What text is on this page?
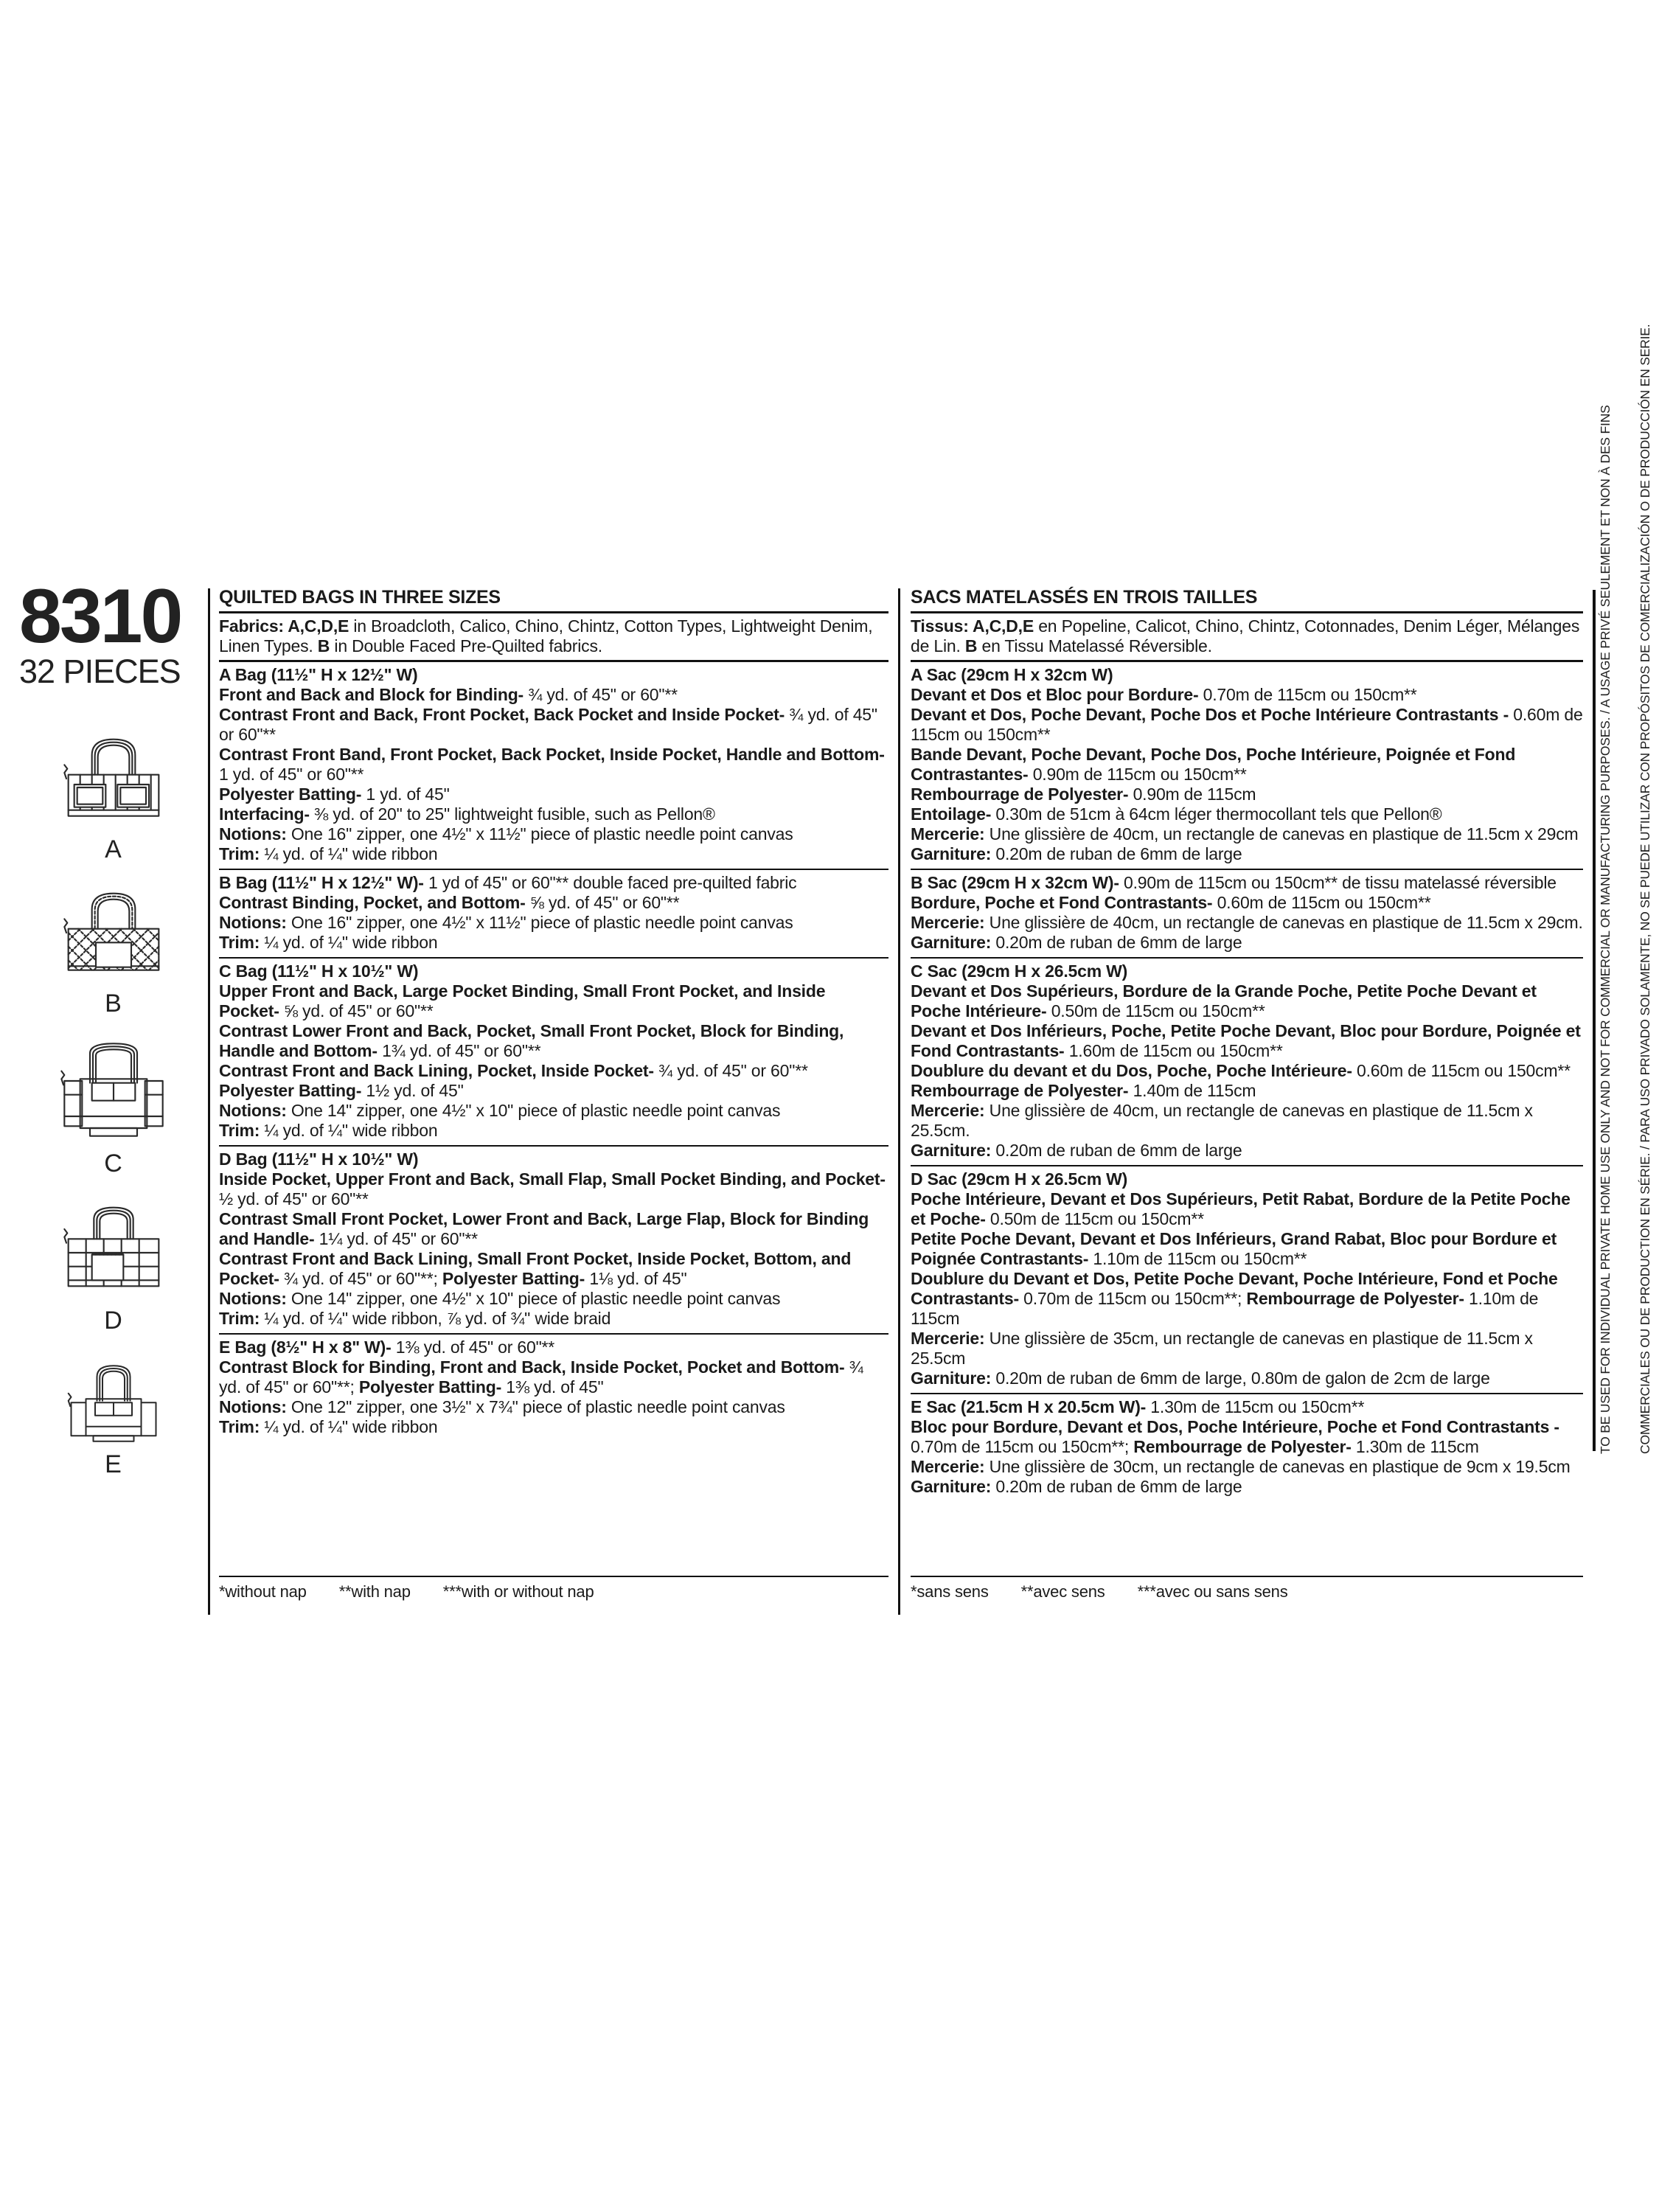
8310
32 PIECES
A
B
C
D
E
QUILTED BAGS IN THREE SIZES

Fabrics: A,C,D,E in Broadcloth, Calico, Chino, Chintz, Cotton Types, Lightweight Denim, Linen Types. B in Double Faced Pre-Quilted fabrics.

A Bag (11½" H x 12½" W)

Front and Back and Block for Binding- ¾ yd. of 45" or 60"**

Contrast Front and Back, Front Pocket, Back Pocket and Inside Pocket- ¾ yd. of 45" or 60"**

Contrast Front Band, Front Pocket, Back Pocket, Inside Pocket, Handle and Bottom- 1 yd. of 45" or 60"**

Polyester Batting- 1 yd. of 45"

Interfacing- ⅜ yd. of 20" to 25" lightweight fusible, such as Pellon®

Notions: One 16" zipper, one 4½" x 11½" piece of plastic needle point canvas

Trim: ¼ yd. of ¼" wide ribbon

B Bag (11½" H x 12½" W)- 1 yd of 45" or 60"** double faced pre-quilted fabric

Contrast Binding, Pocket, and Bottom- ⅝ yd. of 45" or 60"**

Notions: One 16" zipper, one 4½" x 11½" piece of plastic needle point canvas

Trim: ¼ yd. of ¼" wide ribbon

C Bag (11½" H x 10½" W)

Upper Front and Back, Large Pocket Binding, Small Front Pocket, and Inside Pocket- ⅝ yd. of 45" or 60"**

Contrast Lower Front and Back, Pocket, Small Front Pocket, Block for Binding, Handle and Bottom- 1¾ yd. of 45" or 60"**

Contrast Front and Back Lining, Pocket, Inside Pocket- ¾ yd. of 45" or 60"**

Polyester Batting- 1½ yd. of 45"

Notions: One 14" zipper, one 4½" x 10" piece of plastic needle point canvas

Trim: ¼ yd. of ¼" wide ribbon

D Bag (11½" H x 10½" W)

Inside Pocket, Upper Front and Back, Small Flap, Small Pocket Binding, and Pocket- ½ yd. of 45" or 60"**

Contrast Small Front Pocket, Lower Front and Back, Large Flap, Block for Binding and Handle- 1¼ yd. of 45" or 60"**

Contrast Front and Back Lining, Small Front Pocket, Inside Pocket, Bottom, and Pocket- ¾ yd. of 45" or 60"**; Polyester Batting- 1⅛ yd. of 45"

Notions: One 14" zipper, one 4½" x 10" piece of plastic needle point canvas

Trim: ¼ yd. of ¼" wide ribbon, ⅞ yd. of ¾" wide braid

E Bag (8½" H x 8" W)- 1⅜ yd. of 45" or 60"**

Contrast Block for Binding, Front and Back, Inside Pocket, Pocket and Bottom- ¾ yd. of 45" or 60"**; Polyester Batting- 1⅜ yd. of 45"

Notions: One 12" zipper, one 3½" x 7¾" piece of plastic needle point canvas

Trim: ¼ yd. of ¼" wide ribbon

*without nap **with nap ***with or without nap
SACS MATELASSÉS EN TROIS TAILLES

Tissus: A,C,D,E en Popeline, Calicot, Chino, Chintz, Cotonnades, Denim Léger, Mélanges de Lin. B en Tissu Matelassé Réversible.

A Sac (29cm H x 32cm W)

Devant et Dos et Bloc pour Bordure- 0.70m de 115cm ou 150cm**

Devant et Dos, Poche Devant, Poche Dos et Poche Intérieure Contrastants - 0.60m de 115cm ou 150cm**

Bande Devant, Poche Devant, Poche Dos, Poche Intérieure, Poignée et Fond Contrastantes- 0.90m de 115cm ou 150cm**

Rembourrage de Polyester- 0.90m de 115cm

Entoilage- 0.30m de 51cm à 64cm léger thermocollant tels que Pellon®

Mercerie: Une glissière de 40cm, un rectangle de canevas en plastique de 11.5cm x 29cm

Garniture: 0.20m de ruban de 6mm de large

B Sac (29cm H x 32cm W)- 0.90m de 115cm ou 150cm** de tissu matelassé réversible

Bordure, Poche et Fond Contrastants- 0.60m de 115cm ou 150cm**

Mercerie: Une glissière de 40cm, un rectangle de canevas en plastique de 11.5cm x 29cm.

Garniture: 0.20m de ruban de 6mm de large

C Sac (29cm H x 26.5cm W)

Devant et Dos Supérieurs, Bordure de la Grande Poche, Petite Poche Devant et Poche Intérieure- 0.50m de 115cm ou 150cm**

Devant et Dos Inférieurs, Poche, Petite Poche Devant, Bloc pour Bordure, Poignée et Fond Contrastants- 1.60m de 115cm ou 150cm**

Doublure du devant et du Dos, Poche, Poche Intérieure- 0.60m de 115cm ou 150cm**

Rembourrage de Polyester- 1.40m de 115cm

Mercerie: Une glissière de 40cm, un rectangle de canevas en plastique de 11.5cm x 25.5cm.

Garniture: 0.20m de ruban de 6mm de large

D Sac (29cm H x 26.5cm W)

Poche Intérieure, Devant et Dos Supérieurs, Petit Rabat, Bordure de la Petite Poche et Poche- 0.50m de 115cm ou 150cm**

Petite Poche Devant, Devant et Dos Inférieurs, Grand Rabat, Bloc pour Bordure et Poignée Contrastants- 1.10m de 115cm ou 150cm**

Doublure du Devant et Dos, Petite Poche Devant, Poche Intérieure, Fond et Poche Contrastants- 0.70m de 115cm ou 150cm**; Rembourrage de Polyester- 1.10m de 115cm

Mercerie: Une glissière de 35cm, un rectangle de canevas en plastique de 11.5cm x 25.5cm

Garniture: 0.20m de ruban de 6mm de large, 0.80m de galon de 2cm de large

E Sac (21.5cm H x 20.5cm W)- 1.30m de 115cm ou 150cm**

Bloc pour Bordure, Devant et Dos, Poche Intérieure, Poche et Fond Contrastants - 0.70m de 115cm ou 150cm**; Rembourrage de Polyester- 1.30m de 115cm

Mercerie: Une glissière de 30cm, un rectangle de canevas en plastique de 9cm x 19.5cm

Garniture: 0.20m de ruban de 6mm de large

*sans sens **avec sens ***avec ou sans sens
TO BE USED FOR INDIVIDUAL PRIVATE HOME USE ONLY AND NOT FOR COMMERCIAL OR MANUFACTURING PURPOSES. / A USAGE PRIVÉ SEULEMENT ET NON À DES FINS COMMERCIALES OU DE PRODUCTION EN SÉRIE. / PARA USO PRIVADO SOLAMENTE, NO SE PUEDE UTILIZAR CON PROPÓSITOS DE COMERCIALIZACIÓN O DE PRODUCCIÓN EN SERIE.
